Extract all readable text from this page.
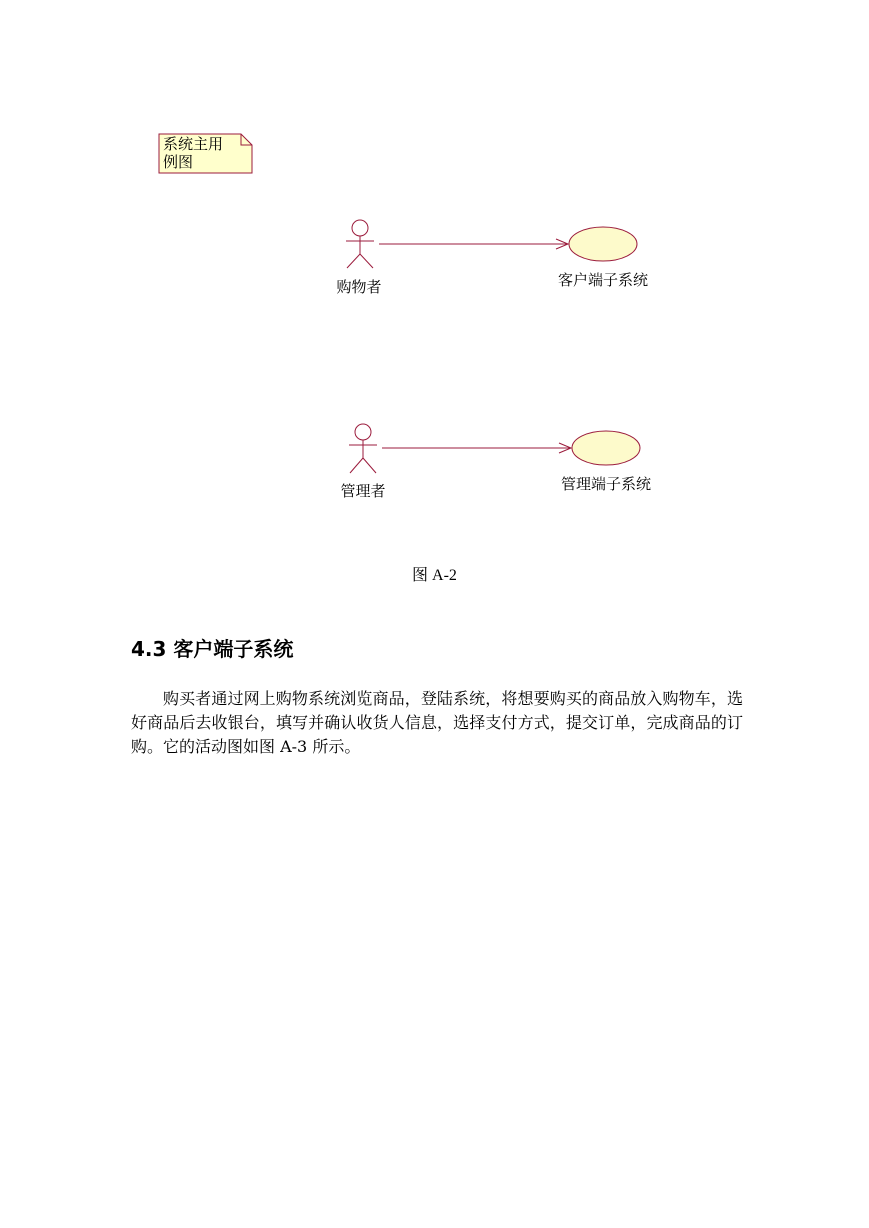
系统主用
例图
购物者	客户端子系统
管理者	管理端子系统
图 A-2
4.3 客户端子系统

购买者通过网上购物系统浏览商品，登陆系统，将想要购买的商品放入购物车，选好商品后去收银台，填写并确认收货人信息，选择支付方式，提交订单，完成商品的订购。它的活动图如图 A-3 所示。
